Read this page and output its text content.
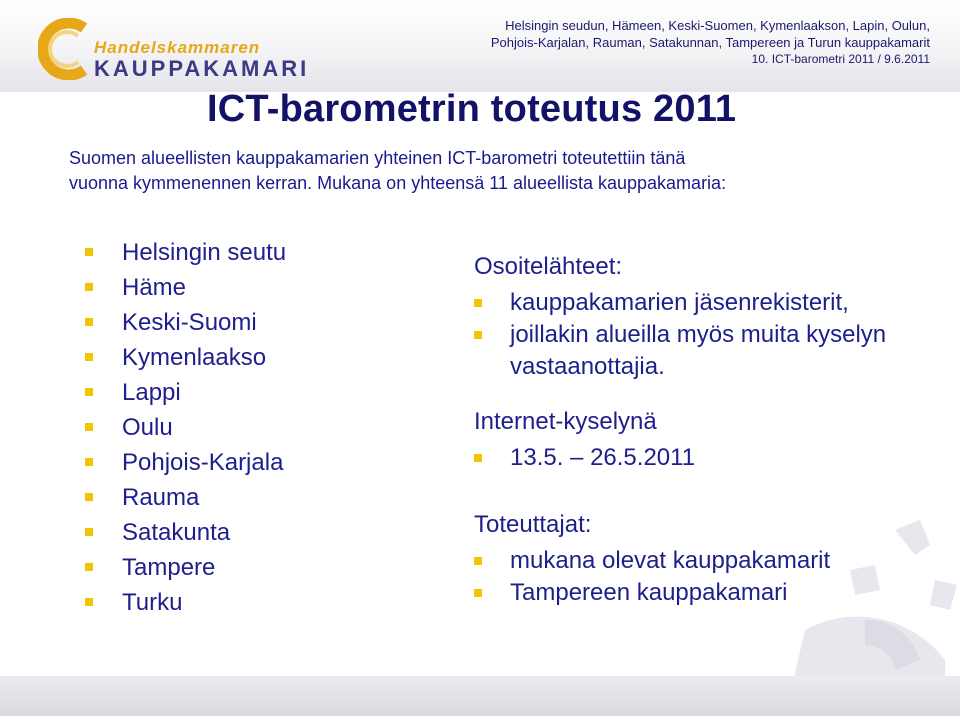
Handelskammaren
KAUPPAKAMARI
Helsingin seudun, Hämeen, Keski-Suomen, Kymenlaakson, Lapin, Oulun,
Pohjois-Karjalan, Rauman, Satakunnan, Tampereen ja Turun kauppakamarit

10. ICT-barometri 2011 / 9.6.2011
ICT-barometrin toteutus 2011
Suomen alueellisten kauppakamarien yhteinen ICT-barometri toteutettiin tänä
vuonna kymmenennen kerran. Mukana on yhteensä 11 alueellista kauppakamaria:
Helsingin seutu
Häme
Keski-Suomi
Kymenlaakso
Lappi
Oulu
Pohjois-Karjala
Rauma
Satakunta
Tampere
Turku
Osoitelähteet:
kauppakamarien jäsenrekisterit,
joillakin alueilla myös muita kyselyn vastaanottajia.
Internet-kyselynä
13.5. – 26.5.2011
Toteuttajat:
mukana olevat kauppakamarit
Tampereen kauppakamari
